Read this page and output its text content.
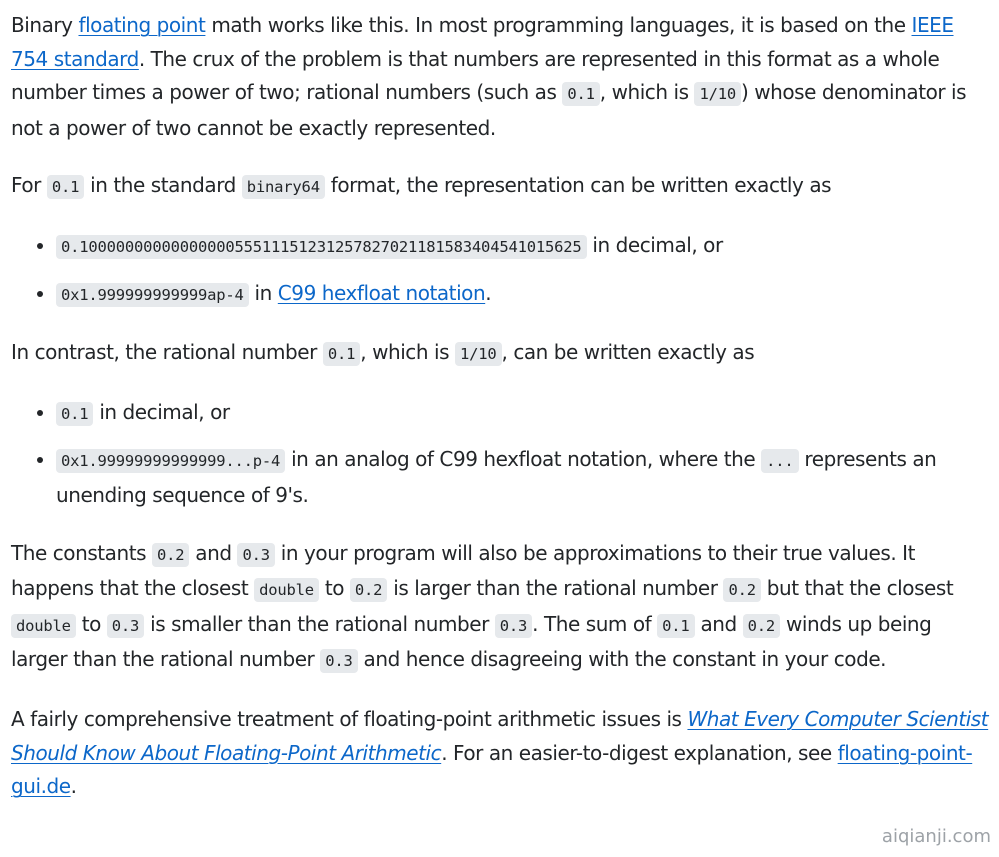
Binary floating point math works like this. In most programming languages, it is based on the IEEE 754 standard. The crux of the problem is that numbers are represented in this format as a whole number times a power of two; rational numbers (such as 0.1 , which is 1/10 ) whose denominator is not a power of two cannot be exactly represented.

For 0.1 in the standard binary64 format, the representation can be written exactly as

• 0.1000000000000000055511151231257827021181583404541015625 in decimal, or
• 0x1.999999999999ap-4 in C99 hexfloat notation.

In contrast, the rational number 0.1 , which is 1/10 , can be written exactly as

• 0.1 in decimal, or
• 0x1.99999999999999...p-4 in an analog of C99 hexfloat notation, where the ... represents an unending sequence of 9's.

The constants 0.2 and 0.3 in your program will also be approximations to their true values. It happens that the closest double to 0.2 is larger than the rational number 0.2 but that the closest double to 0.3 is smaller than the rational number 0.3 . The sum of 0.1 and 0.2 winds up being larger than the rational number 0.3 and hence disagreeing with the constant in your code.

A fairly comprehensive treatment of floating-point arithmetic issues is What Every Computer Scientist Should Know About Floating-Point Arithmetic. For an easier-to-digest explanation, see floating-point-gui.de.

aiqianji.com
